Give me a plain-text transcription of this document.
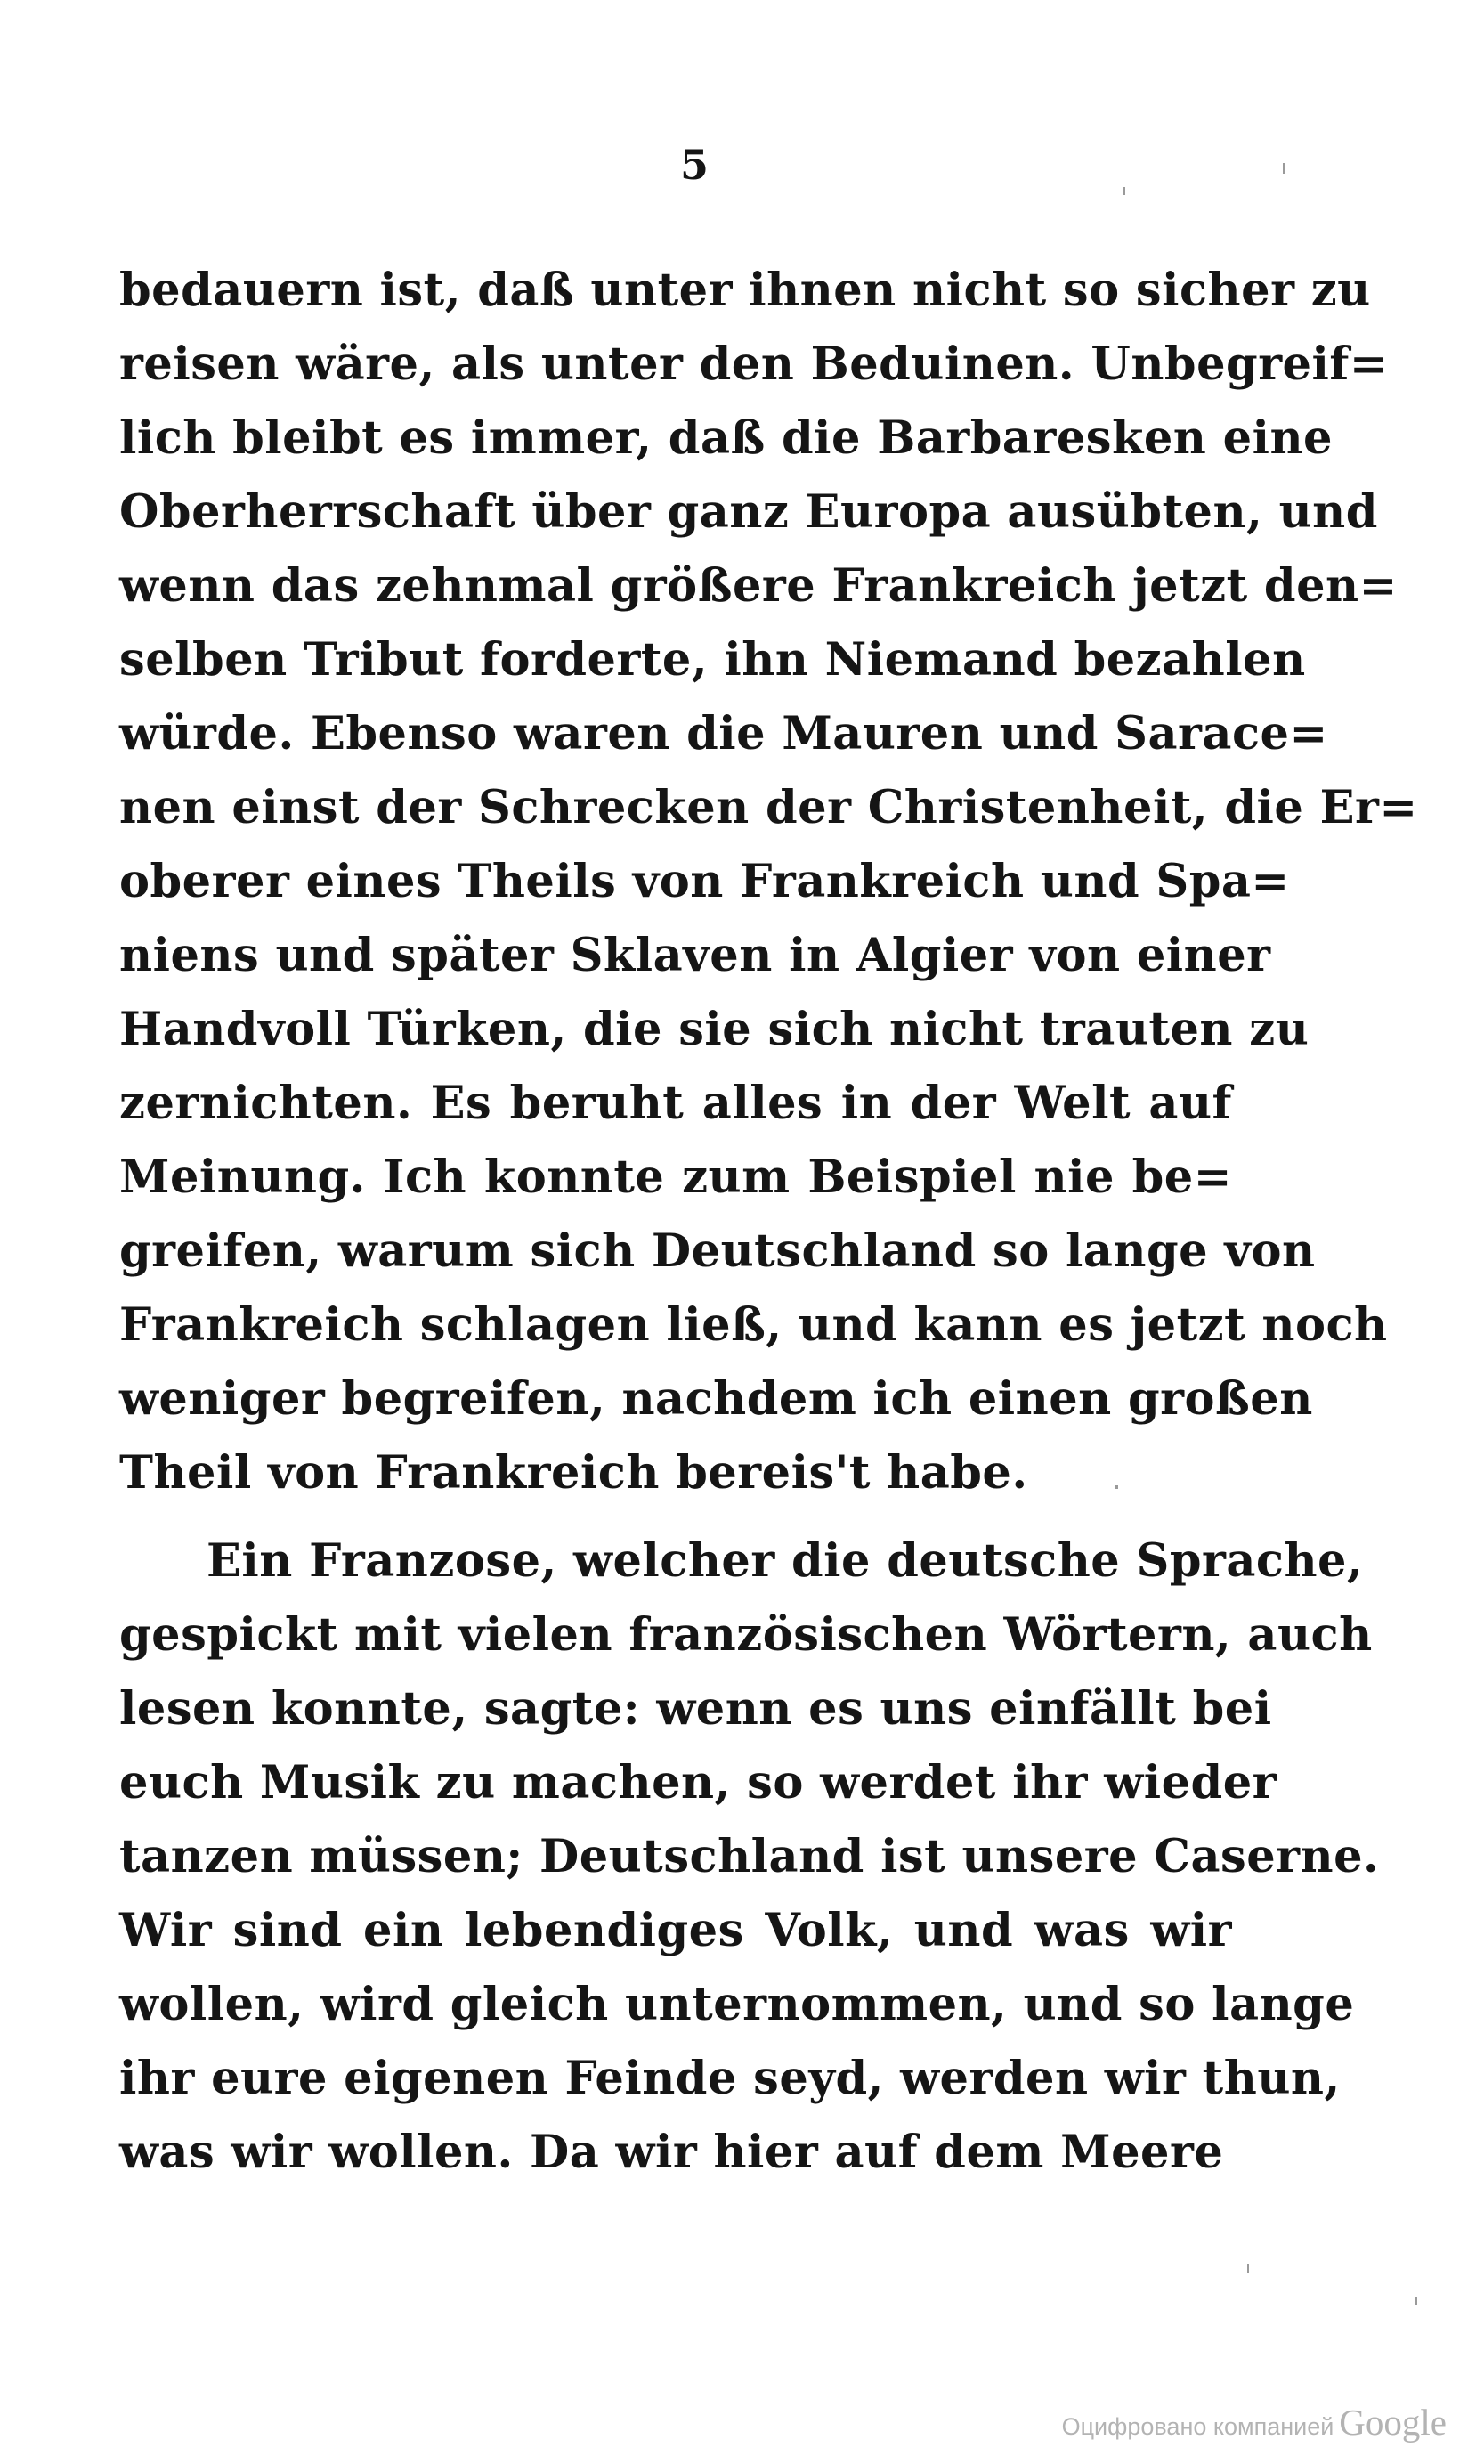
5
bedauern ist, daß unter ihnen nicht so sicher zu
reisen wäre, als unter den Beduinen. Unbegreif=
lich bleibt es immer, daß die Barbaresken eine
Oberherrschaft über ganz Europa ausübten, und
wenn das zehnmal größere Frankreich jetzt den=
selben Tribut forderte, ihn Niemand bezahlen
würde. Ebenso waren die Mauren und Sarace=
nen einst der Schrecken der Christenheit, die Er=
oberer eines Theils von Frankreich und Spa=
niens und später Sklaven in Algier von einer
Handvoll Türken, die sie sich nicht trauten zu
zernichten. Es beruht alles in der Welt auf
Meinung. Ich konnte zum Beispiel nie be=
greifen, warum sich Deutschland so lange von
Frankreich schlagen ließ, und kann es jetzt noch
weniger begreifen, nachdem ich einen großen
Theil von Frankreich bereis't habe.
Ein Franzose, welcher die deutsche Sprache,
gespickt mit vielen französischen Wörtern, auch
lesen konnte, sagte: wenn es uns einfällt bei
euch Musik zu machen, so werdet ihr wieder
tanzen müssen; Deutschland ist unsere Caserne.
Wir sind ein lebendiges Volk, und was wir
wollen, wird gleich unternommen, und so lange
ihr eure eigenen Feinde seyd, werden wir thun,
was wir wollen. Da wir hier auf dem Meere
Оцифровано компанией Google
